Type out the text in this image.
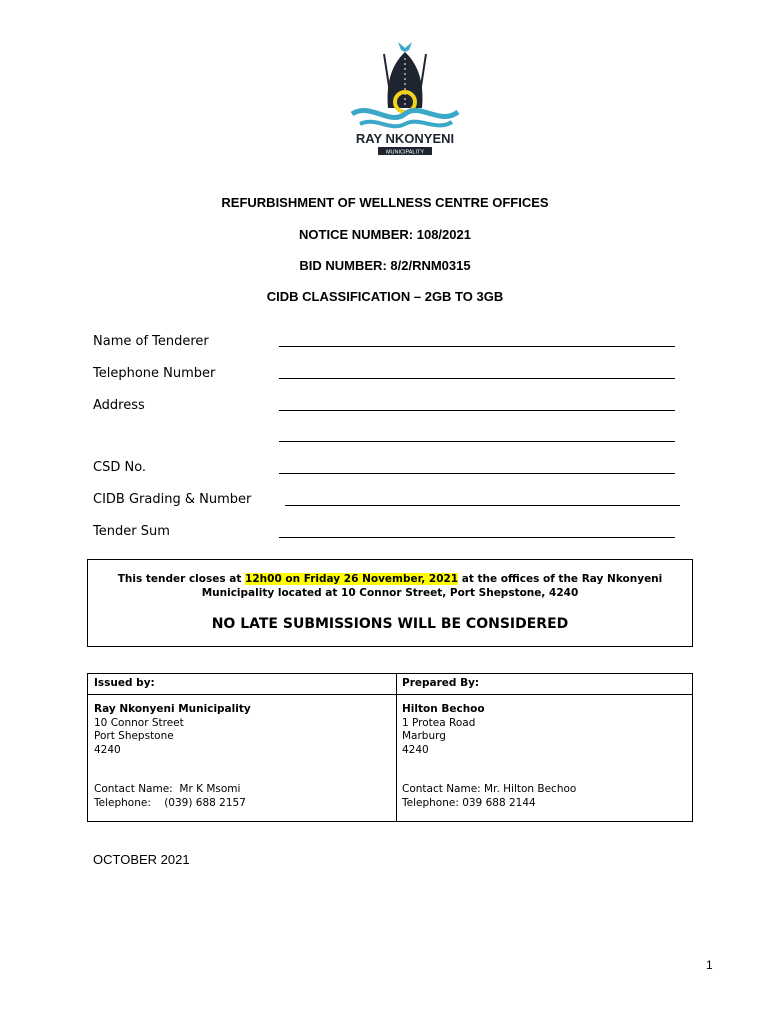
RAY NKONYENI
MUNICIPALITY
REFURBISHMENT OF WELLNESS CENTRE OFFICES
NOTICE NUMBER: 108/2021
BID NUMBER: 8/2/RNM0315
CIDB CLASSIFICATION – 2GB TO 3GB
Name of Tenderer
Telephone Number
Address
CSD No.
CIDB Grading & Number
Tender Sum
This tender closes at 12h00 on Friday 26 November, 2021 at the offices of the Ray Nkonyeni Municipality located at 10 Connor Street, Port Shepstone, 4240
NO LATE SUBMISSIONS WILL BE CONSIDERED
Issued by:	Prepared By:
Ray Nkonyeni Municipality
10 Connor Street
Port Shepstone
4240
Hilton Bechoo
1 Protea Road
Marburg
4240
Contact Name:  Mr K Msomi
Telephone:    (039) 688 2157
Contact Name: Mr. Hilton Bechoo
Telephone: 039 688 2144
OCTOBER 2021
1
